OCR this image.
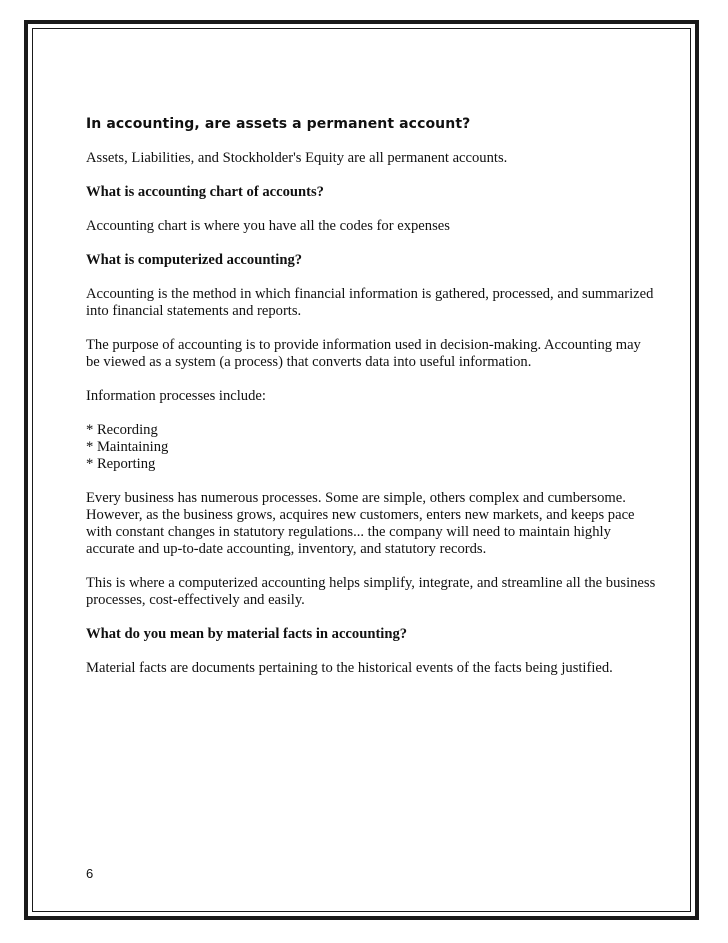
In accounting, are assets a permanent account?

Assets, Liabilities, and Stockholder's Equity are all permanent accounts.

What is accounting chart of accounts?

Accounting chart is where you have all the codes for expenses

What is computerized accounting?

Accounting is the method in which financial information is gathered, processed, and summarized into financial statements and reports.

The purpose of accounting is to provide information used in decision-making. Accounting may be viewed as a system (a process) that converts data into useful information.

Information processes include:

* Recording
* Maintaining
* Reporting

Every business has numerous processes. Some are simple, others complex and cumbersome. However, as the business grows, acquires new customers, enters new markets, and keeps pace with constant changes in statutory regulations... the company will need to maintain highly accurate and up-to-date accounting, inventory, and statutory records.

This is where a computerized accounting helps simplify, integrate, and streamline all the business processes, cost-effectively and easily.

What do you mean by material facts in accounting?

Material facts are documents pertaining to the historical events of the facts being justified.

6
